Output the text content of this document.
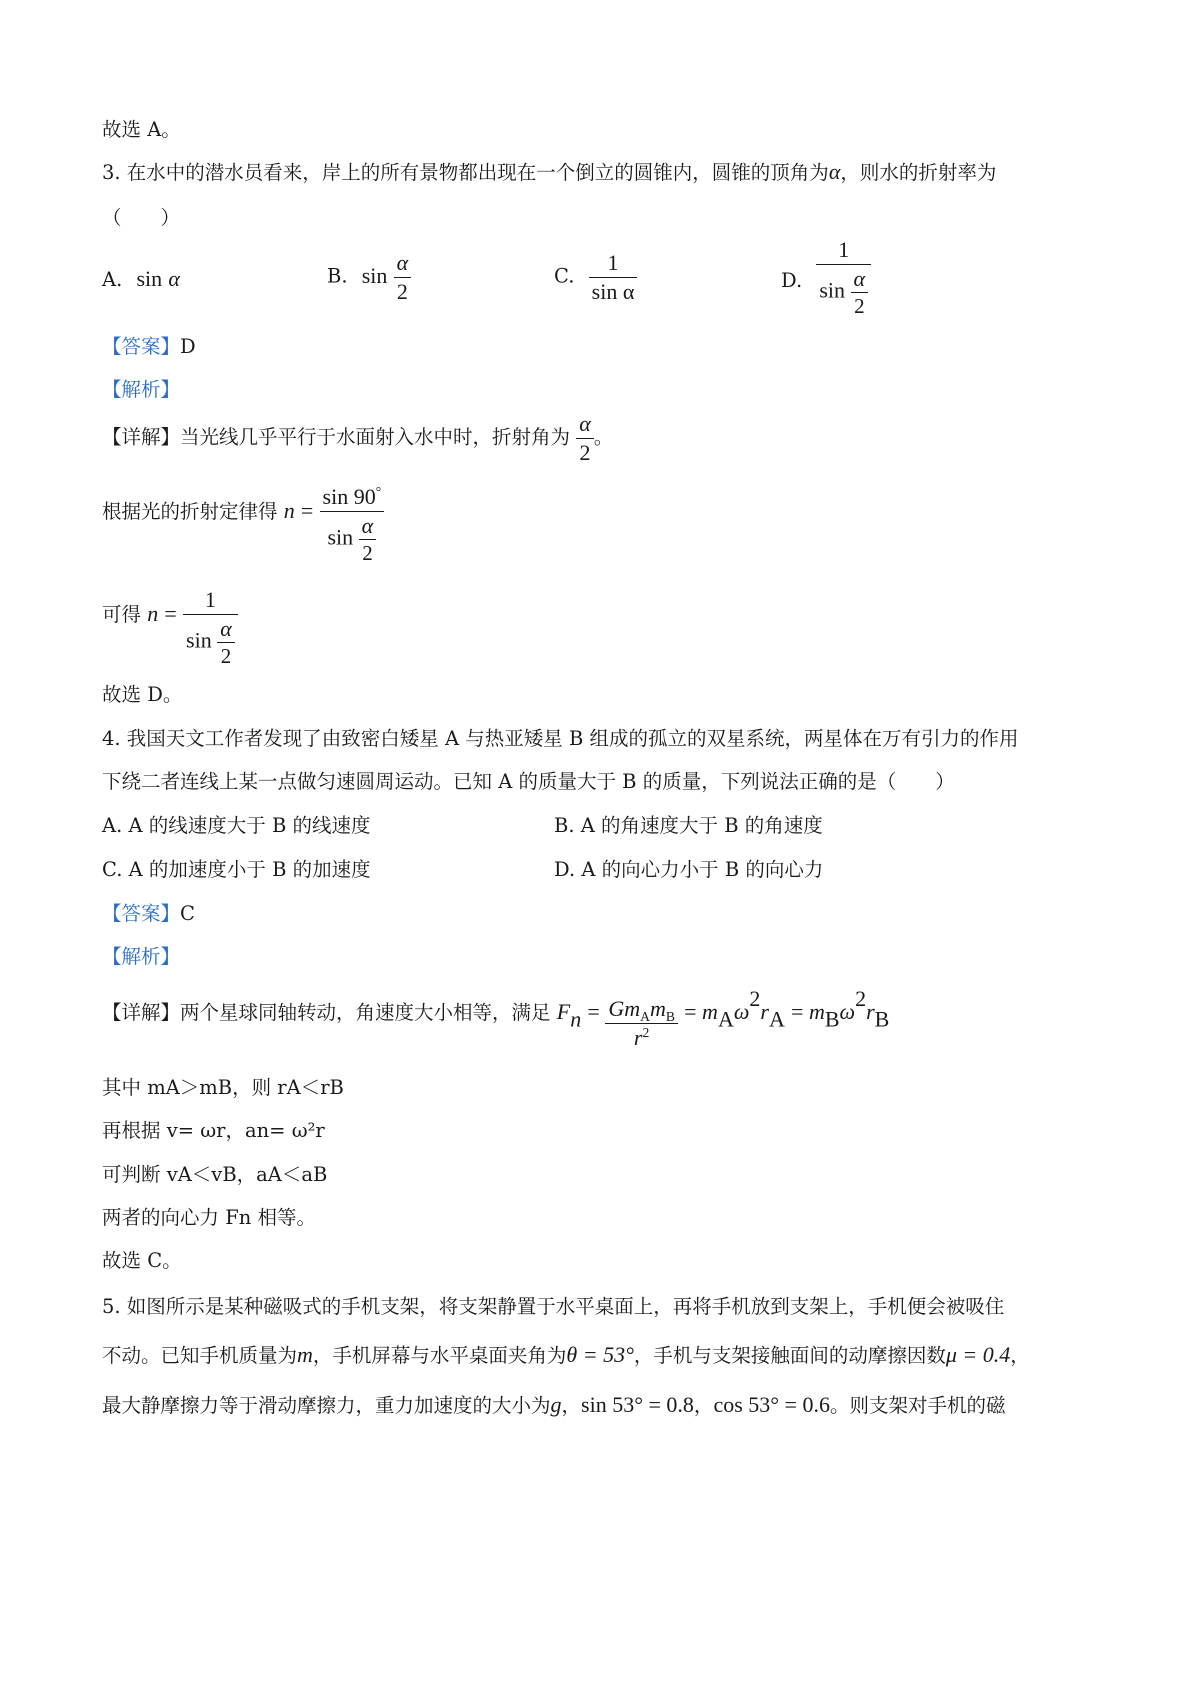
故选 A。
3. 在水中的潜水员看来，岸上的所有景物都出现在一个倒立的圆锥内，圆锥的顶角为α，则水的折射率为
（　　）
A. sin α	B. $\sin \frac{\alpha}{2}$	C. $\frac{1}{\text{sin α}}$	D. $\frac{1}{\sin \frac{\alpha}{2}}$
【答案】D
【解析】
【详解】当光线几乎平行于水面射入水中时，折射角为 $\frac{\alpha}{2}$ 。
根据光的折射定律得 $n = \frac{\sin 90^\circ}{\sin \frac{\alpha}{2}}$
可得 $n = \frac{1}{\sin \frac{\alpha}{2}}$
故选 D。
4. 我国天文工作者发现了由致密白矮星 A 与热亚矮星 B 组成的孤立的双星系统，两星体在万有引力的作用
下绕二者连线上某一点做匀速圆周运动。已知 A 的质量大于 B 的质量，下列说法正确的是（　　）
A. A 的线速度大于 B 的线速度	B. A 的角速度大于 B 的角速度
C. A 的加速度小于 B 的加速度	D. A 的向心力小于 B 的向心力
【答案】C
【解析】
【详解】两个星球同轴转动，角速度大小相等，满足 $F_n = \frac{Gm_Am_B}{r^2} = m_A\omega^2r_A = m_B\omega^2r_B$
其中 mA＞mB，则 rA＜rB
再根据 v= ωr，an= ω²r
可判断 vA＜vB，aA＜aB
两者的向心力 Fn 相等。
故选 C。
5. 如图所示是某种磁吸式的手机支架，将支架静置于水平桌面上，再将手机放到支架上，手机便会被吸住
不动。已知手机质量为m，手机屏幕与水平桌面夹角为θ = 53°，手机与支架接触面间的动摩擦因数μ = 0.4，
最大静摩擦力等于滑动摩擦力，重力加速度的大小为g，sin 53° = 0.8，cos 53° = 0.6。则支架对手机的磁
